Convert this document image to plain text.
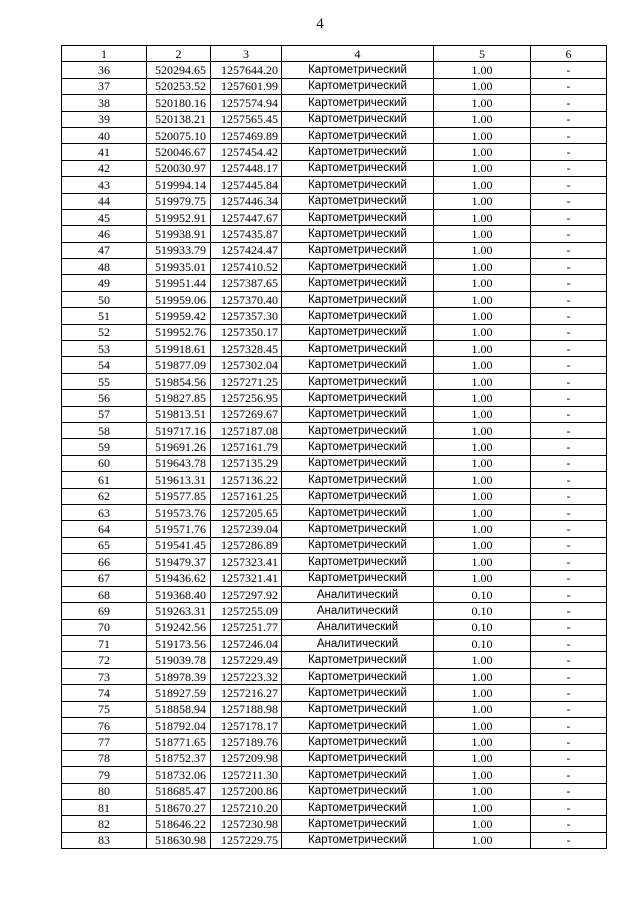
4
1	2	3	4	5	6
36	520294.65	1257644.20	Картометрический	1.00	-
37	520253.52	1257601.99	Картометрический	1.00	-
38	520180.16	1257574.94	Картометрический	1.00	-
39	520138.21	1257565.45	Картометрический	1.00	-
40	520075.10	1257469.89	Картометрический	1.00	-
41	520046.67	1257454.42	Картометрический	1.00	-
42	520030.97	1257448.17	Картометрический	1.00	-
43	519994.14	1257445.84	Картометрический	1.00	-
44	519979.75	1257446.34	Картометрический	1.00	-
45	519952.91	1257447.67	Картометрический	1.00	-
46	519938.91	1257435.87	Картометрический	1.00	-
47	519933.79	1257424.47	Картометрический	1.00	-
48	519935.01	1257410.52	Картометрический	1.00	-
49	519951.44	1257387.65	Картометрический	1.00	-
50	519959.06	1257370.40	Картометрический	1.00	-
51	519959.42	1257357.30	Картометрический	1.00	-
52	519952.76	1257350.17	Картометрический	1.00	-
53	519918.61	1257328.45	Картометрический	1.00	-
54	519877.09	1257302.04	Картометрический	1.00	-
55	519854.56	1257271.25	Картометрический	1.00	-
56	519827.85	1257256.95	Картометрический	1.00	-
57	519813.51	1257269.67	Картометрический	1.00	-
58	519717.16	1257187.08	Картометрический	1.00	-
59	519691.26	1257161.79	Картометрический	1.00	-
60	519643.78	1257135.29	Картометрический	1.00	-
61	519613.31	1257136.22	Картометрический	1.00	-
62	519577.85	1257161.25	Картометрический	1.00	-
63	519573.76	1257205.65	Картометрический	1.00	-
64	519571.76	1257239.04	Картометрический	1.00	-
65	519541.45	1257286.89	Картометрический	1.00	-
66	519479.37	1257323.41	Картометрический	1.00	-
67	519436.62	1257321.41	Картометрический	1.00	-
68	519368.40	1257297.92	Аналитический	0.10	-
69	519263.31	1257255.09	Аналитический	0.10	-
70	519242.56	1257251.77	Аналитический	0.10	-
71	519173.56	1257246.04	Аналитический	0.10	-
72	519039.78	1257229.49	Картометрический	1.00	-
73	518978.39	1257223.32	Картометрический	1.00	-
74	518927.59	1257216.27	Картометрический	1.00	-
75	518858.94	1257188.98	Картометрический	1.00	-
76	518792.04	1257178.17	Картометрический	1.00	-
77	518771.65	1257189.76	Картометрический	1.00	-
78	518752.37	1257209.98	Картометрический	1.00	-
79	518732.06	1257211.30	Картометрический	1.00	-
80	518685.47	1257200.86	Картометрический	1.00	-
81	518670.27	1257210.20	Картометрический	1.00	-
82	518646.22	1257230.98	Картометрический	1.00	-
83	518630.98	1257229.75	Картометрический	1.00	-
